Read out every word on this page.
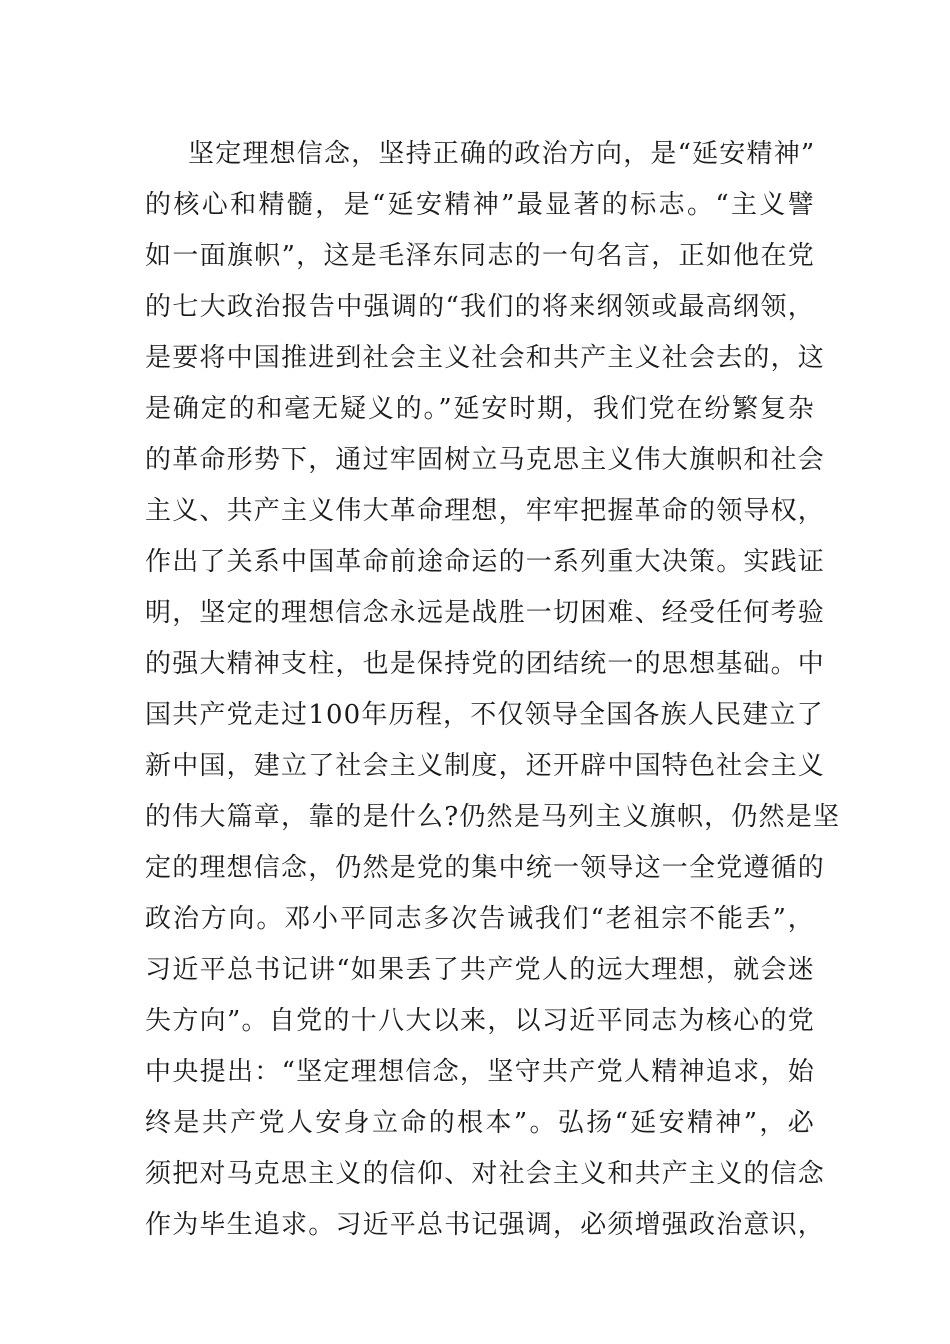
坚定理想信念，坚持正确的政治方向，是“延安精神”
的核心和精髓，是“延安精神”最显著的标志。“主义譬
如一面旗帜”，这是毛泽东同志的一句名言，正如他在党
的七大政治报告中强调的“我们的将来纲领或最高纲领，
是要将中国推进到社会主义社会和共产主义社会去的，这
是确定的和毫无疑义的。”延安时期，我们党在纷繁复杂
的革命形势下，通过牢固树立马克思主义伟大旗帜和社会
主义、共产主义伟大革命理想，牢牢把握革命的领导权，
作出了关系中国革命前途命运的一系列重大决策。实践证
明，坚定的理想信念永远是战胜一切困难、经受任何考验
的强大精神支柱，也是保持党的团结统一的思想基础。中
国共产党走过100年历程，不仅领导全国各族人民建立了
新中国，建立了社会主义制度，还开辟中国特色社会主义
的伟大篇章，靠的是什么?仍然是马列主义旗帜，仍然是坚
定的理想信念，仍然是党的集中统一领导这一全党遵循的
政治方向。邓小平同志多次告诫我们“老祖宗不能丢”，
习近平总书记讲“如果丢了共产党人的远大理想，就会迷
失方向”。自党的十八大以来，以习近平同志为核心的党
中央提出：“坚定理想信念，坚守共产党人精神追求，始
终是共产党人安身立命的根本”。弘扬“延安精神”，必
须把对马克思主义的信仰、对社会主义和共产主义的信念
作为毕生追求。习近平总书记强调，必须增强政治意识，
